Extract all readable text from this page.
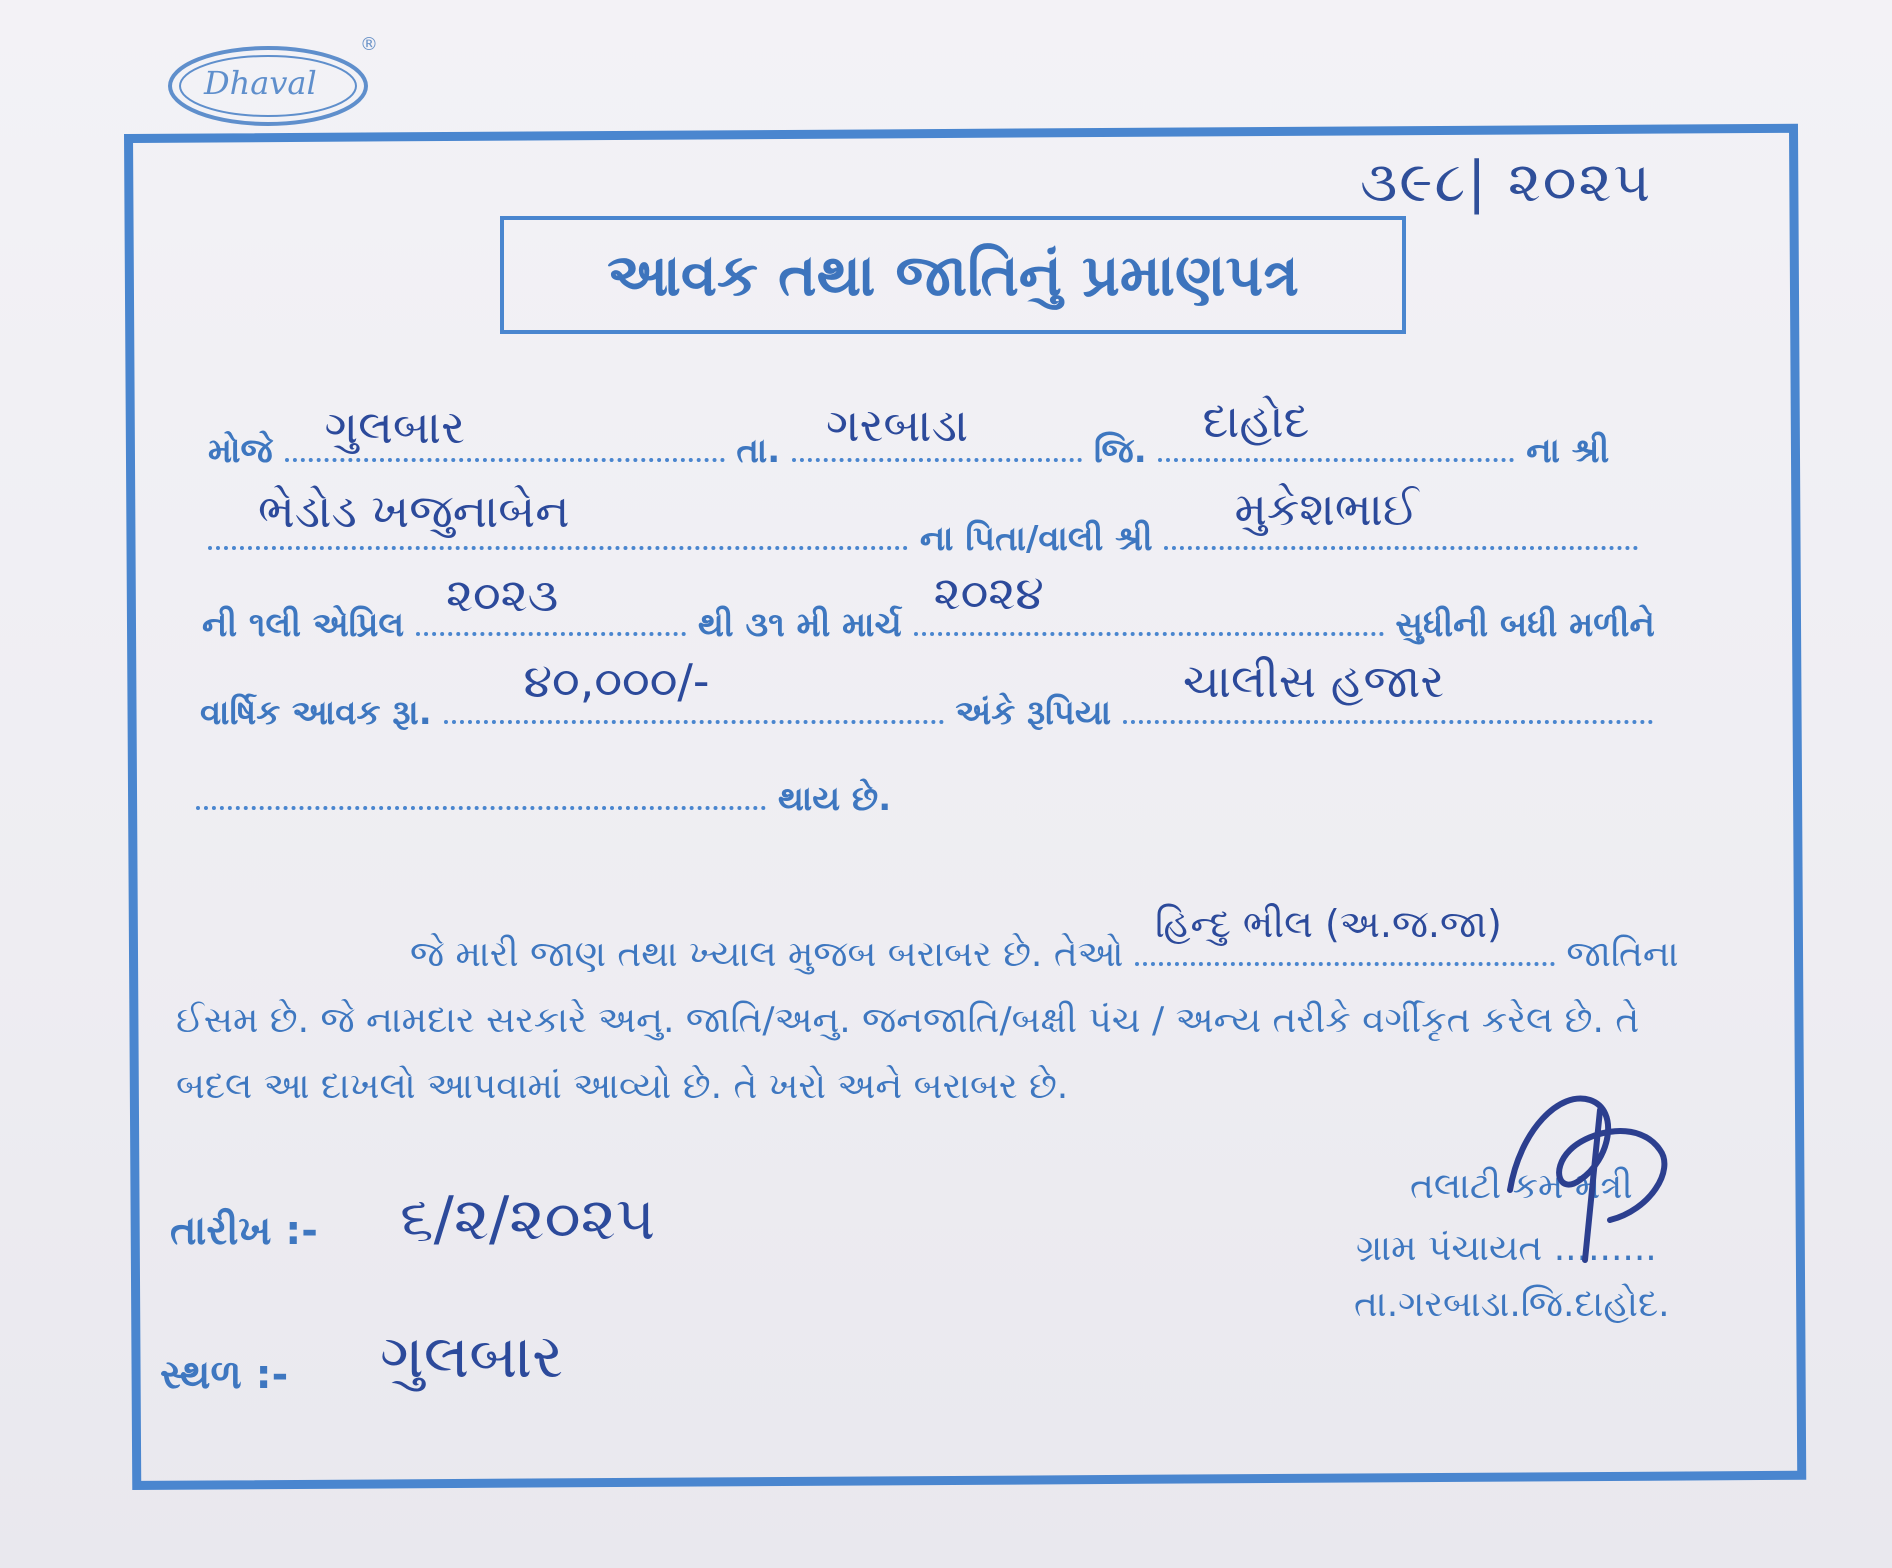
Dhaval
®
૩૯૮| ૨૦૨૫
આવક તથા જાતિનું પ્રમાણપત્ર
મોજે ગુલબાર	તા. ગરબાડા	જિ.
દાહોદ
ના શ્રી
ભેડોડ ખજુનાબેન
ના પિતા/વાલી શ્રી
મુકેશભાઈ
ની ૧લી એપ્રિલ
૨૦૨૩
થી ૩૧ મી માર્ચ
૨૦૨૪
સુધીની બધી મળીને
વાર્ષિક આવક રૂા.
૪૦,૦૦૦/-
અંકે રૂપિયા
ચાલીસ હજાર
થાય છે.
જે મારી જાણ તથા ખ્યાલ મુજબ બરાબર છે. તેઓ
હિન્દુ ભીલ (અ.જ.જા)
જાતિના
ઈસમ છે. જે નામદાર સરકારે અનુ. જાતિ/અનુ. જનજાતિ/બક્ષી પંચ / અન્ય તરીકે વર્ગીકૃત કરેલ છે. તે
બદલ આ દાખલો આપવામાં આવ્યો છે. તે ખરો અને બરાબર છે.
તારીખ :- ૬/૨/૨૦૨૫
સ્થળ :- ગુલબાર
તલાટી કમ મંત્રી
ગ્રામ પંચાયત .........
તા.ગરબાડા.જિ.દાહોદ.
